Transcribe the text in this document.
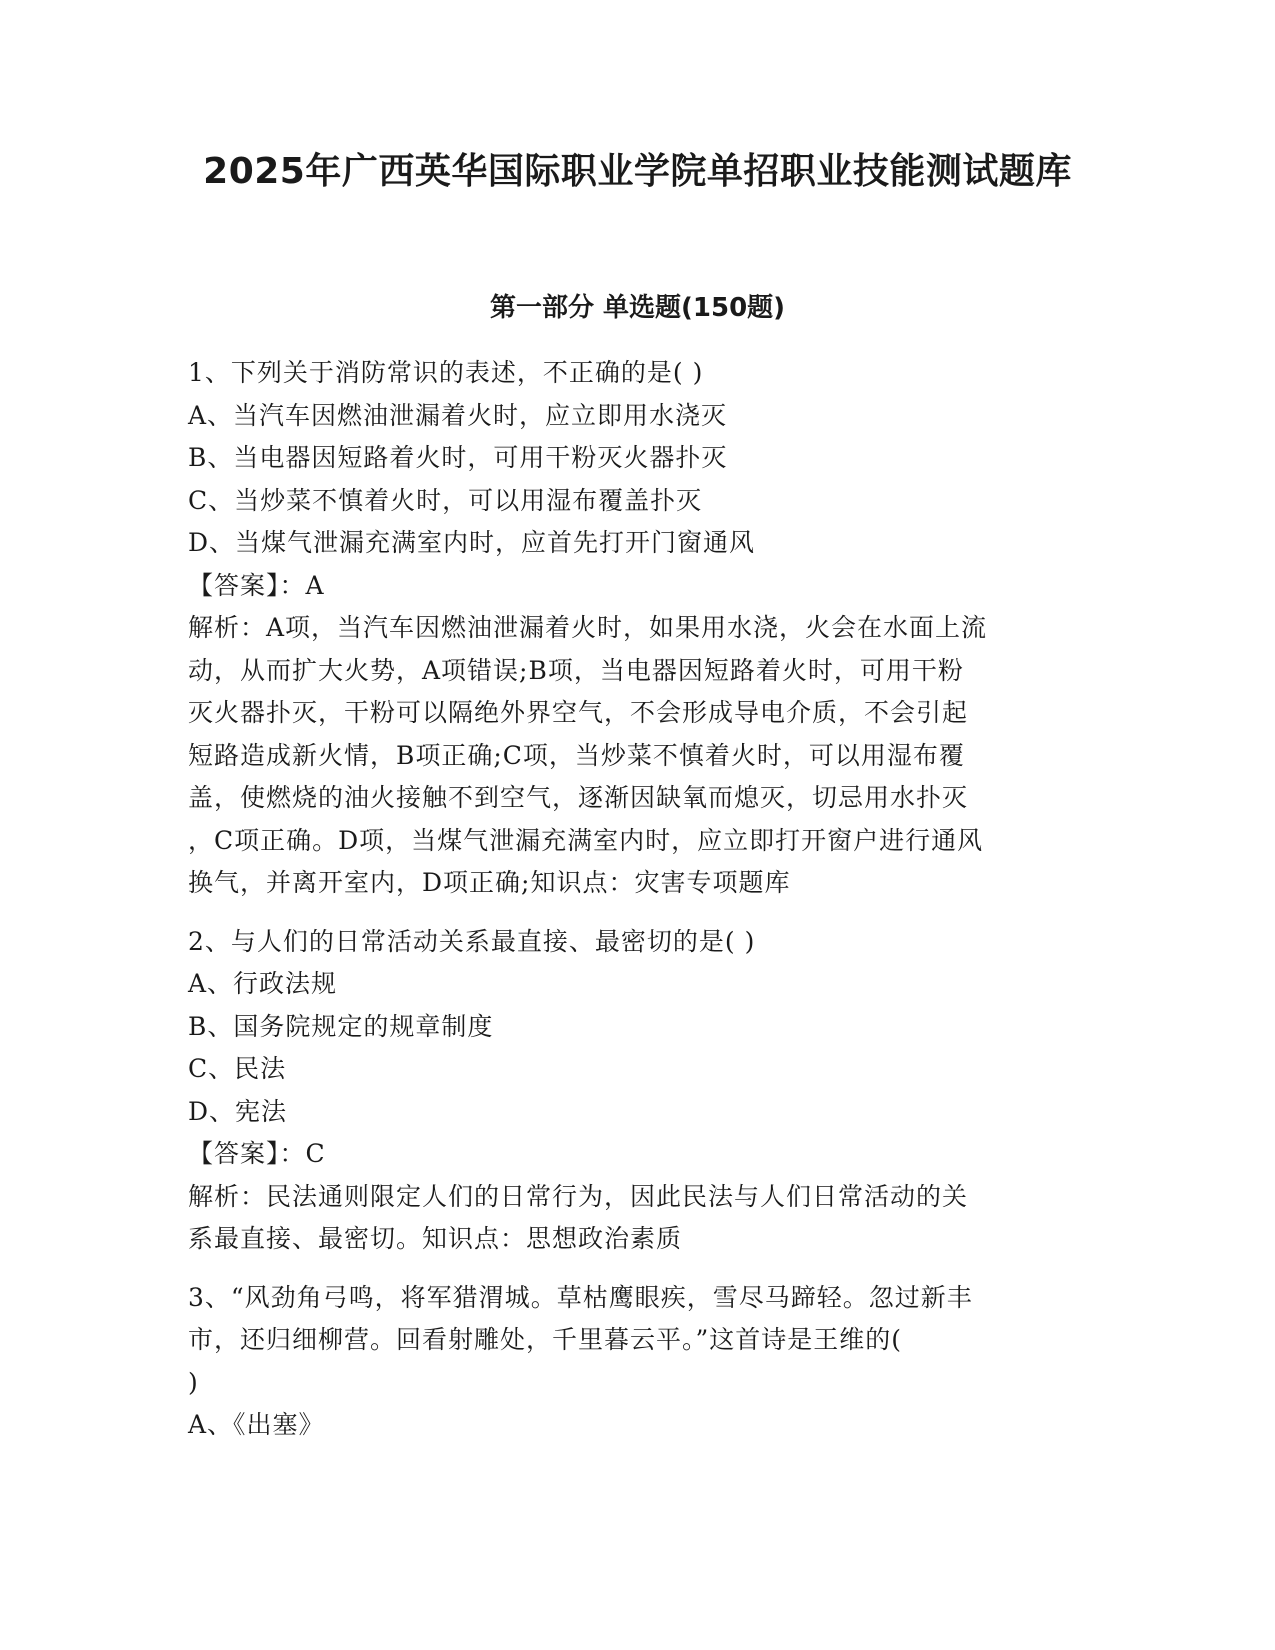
2025年广西英华国际职业学院单招职业技能测试题库
第一部分 单选题(150题)
1、下列关于消防常识的表述，不正确的是( )
A、当汽车因燃油泄漏着火时，应立即用水浇灭
B、当电器因短路着火时，可用干粉灭火器扑灭
C、当炒菜不慎着火时，可以用湿布覆盖扑灭
D、当煤气泄漏充满室内时，应首先打开门窗通风
【答案】：A
解析：A项，当汽车因燃油泄漏着火时，如果用水浇，火会在水面上流
动，从而扩大火势，A项错误;B项，当电器因短路着火时，可用干粉
灭火器扑灭，干粉可以隔绝外界空气，不会形成导电介质，不会引起
短路造成新火情，B项正确;C项，当炒菜不慎着火时，可以用湿布覆
盖，使燃烧的油火接触不到空气，逐渐因缺氧而熄灭，切忌用水扑灭
，C项正确。D项，当煤气泄漏充满室内时，应立即打开窗户进行通风
换气，并离开室内，D项正确;知识点：灾害专项题库
2、与人们的日常活动关系最直接、最密切的是( )
A、行政法规
B、国务院规定的规章制度
C、民法
D、宪法
【答案】：C
解析：民法通则限定人们的日常行为，因此民法与人们日常活动的关
系最直接、最密切。知识点：思想政治素质
3、“风劲角弓鸣，将军猎渭城。草枯鹰眼疾，雪尽马蹄轻。忽过新丰
市，还归细柳营。回看射雕处，千里暮云平。”这首诗是王维的(
)
A、《出塞》
